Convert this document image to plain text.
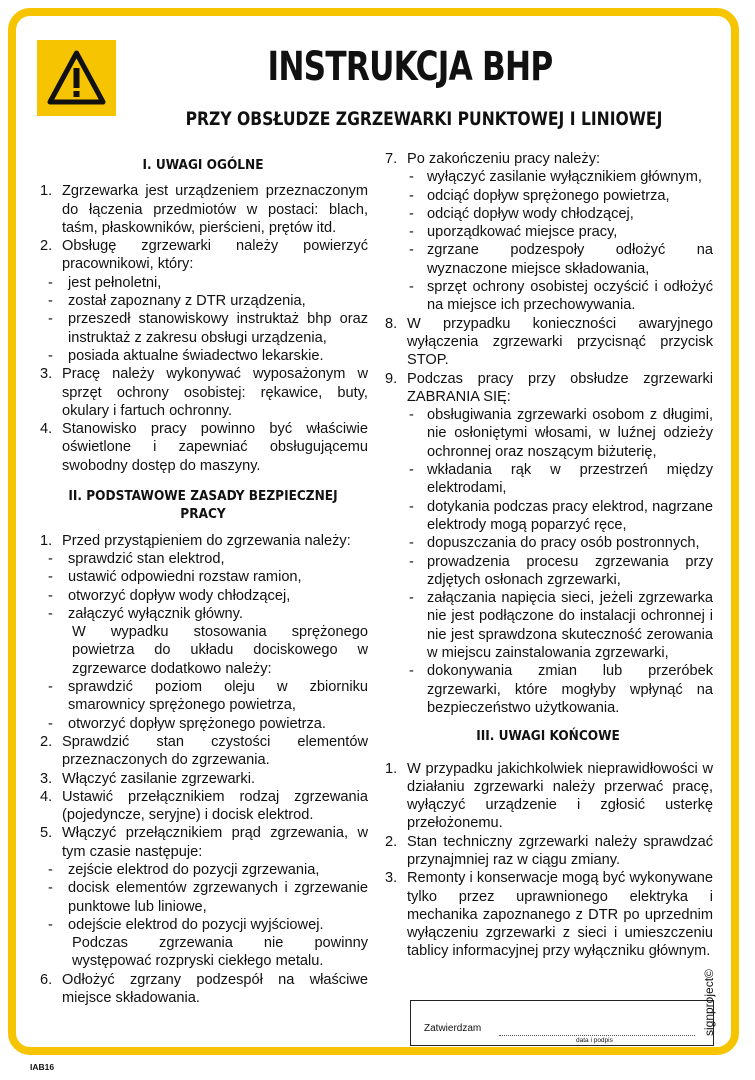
INSTRUKCJA BHP
PRZY OBSŁUDZE ZGRZEWARKI PUNKTOWEJ I LINIOWEJ
I. UWAGI OGÓLNE
1. Zgrzewarka jest urządzeniem przeznaczonym do łączenia przedmiotów w postaci: blach, taśm, płaskowników, pierścieni, prętów itd.
2. Obsługę zgrzewarki należy powierzyć pracownikowi, który:
- jest pełnoletni,
- został zapoznany z DTR urządzenia,
- przeszedł stanowiskowy instruktaż bhp oraz instruktaż z zakresu obsługi urządzenia,
- posiada aktualne świadectwo lekarskie.
3. Pracę należy wykonywać wyposażonym w sprzęt ochrony osobistej: rękawice, buty, okulary i fartuch ochronny.
4. Stanowisko pracy powinno być właściwie oświetlone i zapewniać obsługującemu swobodny dostęp do maszyny.
II. PODSTAWOWE ZASADY BEZPIECZNEJ PRACY
1. Przed przystąpieniem do zgrzewania należy:
- sprawdzić stan elektrod,
- ustawić odpowiedni rozstaw ramion,
- otworzyć dopływ wody chłodzącej,
- załączyć wyłącznik główny.
W wypadku stosowania sprężonego powietrza do układu dociskowego w zgrzewarce dodatkowo należy:
- sprawdzić poziom oleju w zbiorniku smarownicy sprężonego powietrza,
- otworzyć dopływ sprężonego powietrza.
2. Sprawdzić stan czystości elementów przeznaczonych do zgrzewania.
3. Włączyć zasilanie zgrzewarki.
4. Ustawić przełącznikiem rodzaj zgrzewania (pojedyncze, seryjne) i docisk elektrod.
5. Włączyć przełącznikiem prąd zgrzewania, w tym czasie następuje:
- zejście elektrod do pozycji zgrzewania,
- docisk elementów zgrzewanych i zgrzewanie punktowe lub liniowe,
- odejście elektrod do pozycji wyjściowej.
Podczas zgrzewania nie powinny występować rozpryski ciekłego metalu.
6. Odłożyć zgrzany podzespół na właściwe miejsce składowania.
7. Po zakończeniu pracy należy:
- wyłączyć zasilanie wyłącznikiem głównym,
- odciąć dopływ sprężonego powietrza,
- odciąć dopływ wody chłodzącej,
- uporządkować miejsce pracy,
- zgrzane podzespoły odłożyć na wyznaczone miejsce składowania,
- sprzęt ochrony osobistej oczyścić i odłożyć na miejsce ich przechowywania.
8. W przypadku konieczności awaryjnego wyłączenia zgrzewarki przycisnąć przycisk STOP.
9. Podczas pracy przy obsłudze zgrzewarki ZABRANIA SIĘ:
- obsługiwania zgrzewarki osobom z długimi, nie osłoniętymi włosami, w luźnej odzieży ochronnej oraz noszącym biżuterię,
- wkładania rąk w przestrzeń między elektrodami,
- dotykania podczas pracy elektrod, nagrzane elektrody mogą poparzyć ręce,
- dopuszczania do pracy osób postronnych,
- prowadzenia procesu zgrzewania przy zdjętych osłonach zgrzewarki,
- załączania napięcia sieci, jeżeli zgrzewarka nie jest podłączone do instalacji ochronnej i nie jest sprawdzona skuteczność zerowania w miejscu zainstalowania zgrzewarki,
- dokonywania zmian lub przeróbek zgrzewarki, które mogłyby wpłynąć na bezpieczeństwo użytkowania.
III. UWAGI KOŃCOWE
1. W przypadku jakichkolwiek nieprawidłowości w działaniu zgrzewarki należy przerwać pracę, wyłączyć urządzenie i zgłosić usterkę przełożonemu.
2. Stan techniczny zgrzewarki należy sprawdzać przynajmniej raz w ciągu zmiany.
3. Remonty i konserwacje mogą być wykonywane tylko przez uprawnionego elektryka i mechanika zapoznanego z DTR po uprzednim wyłączeniu zgrzewarki z sieci i umieszczeniu tablicy informacyjnej przy wyłączniku głównym.
Zatwierdzam
data i podpis
IAB16
signproject©
